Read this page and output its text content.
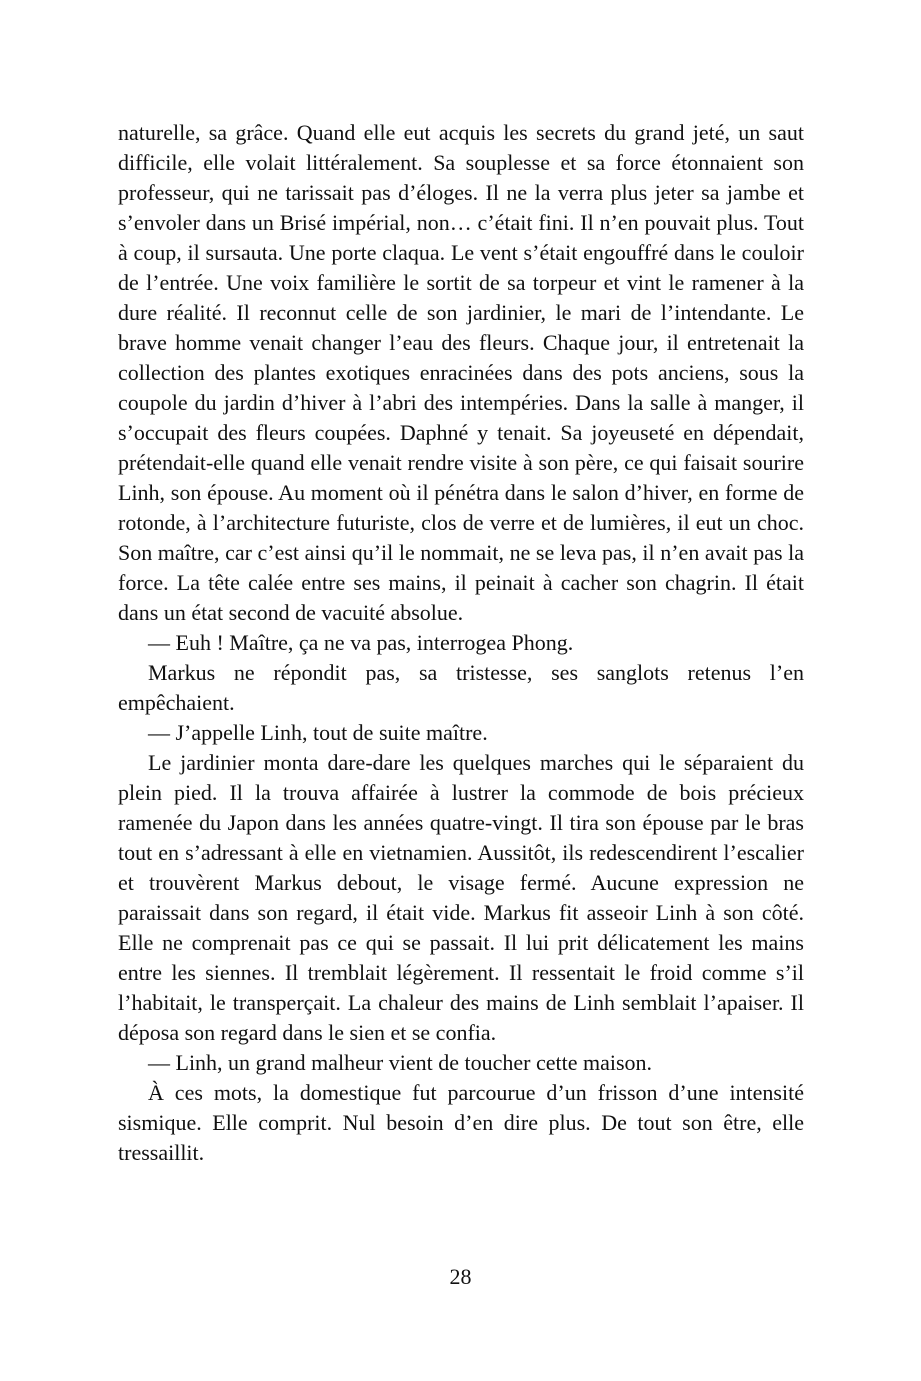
naturelle, sa grâce. Quand elle eut acquis les secrets du grand jeté, un saut difficile, elle volait littéralement. Sa souplesse et sa force étonnaient son professeur, qui ne tarissait pas d’éloges. Il ne la verra plus jeter sa jambe et s’envoler dans un Brisé impérial, non… c’était fini. Il n’en pouvait plus. Tout à coup, il sursauta. Une porte claqua. Le vent s’était engouffré dans le couloir de l’entrée. Une voix familière le sortit de sa torpeur et vint le ramener à la dure réalité. Il reconnut celle de son jardinier, le mari de l’intendante. Le brave homme venait changer l’eau des fleurs. Chaque jour, il entretenait la collection des plantes exotiques enracinées dans des pots anciens, sous la coupole du jardin d’hiver à l’abri des intempéries. Dans la salle à manger, il s’occupait des fleurs coupées. Daphné y tenait. Sa joyeuseté en dépendait, prétendait-elle quand elle venait rendre visite à son père, ce qui faisait sourire Linh, son épouse. Au moment où il pénétra dans le salon d’hiver, en forme de rotonde, à l’architecture futuriste, clos de verre et de lumières, il eut un choc. Son maître, car c’est ainsi qu’il le nommait, ne se leva pas, il n’en avait pas la force. La tête calée entre ses mains, il peinait à cacher son chagrin. Il était dans un état second de vacuité absolue.

— Euh ! Maître, ça ne va pas, interrogea Phong.

Markus ne répondit pas, sa tristesse, ses sanglots retenus l’en empêchaient.

— J’appelle Linh, tout de suite maître.

Le jardinier monta dare-dare les quelques marches qui le séparaient du plein pied. Il la trouva affairée à lustrer la commode de bois précieux ramenée du Japon dans les années quatre-vingt. Il tira son épouse par le bras tout en s’adressant à elle en vietnamien. Aussitôt, ils redescendirent l’escalier et trouvèrent Markus debout, le visage fermé. Aucune expression ne paraissait dans son regard, il était vide. Markus fit asseoir Linh à son côté. Elle ne comprenait pas ce qui se passait. Il lui prit délicatement les mains entre les siennes. Il tremblait légèrement. Il ressentait le froid comme s’il l’habitait, le transperçait. La chaleur des mains de Linh semblait l’apaiser. Il déposa son regard dans le sien et se confia.

— Linh, un grand malheur vient de toucher cette maison.

À ces mots, la domestique fut parcourue d’un frisson d’une intensité sismique. Elle comprit. Nul besoin d’en dire plus. De tout son être, elle tressaillit.

28
